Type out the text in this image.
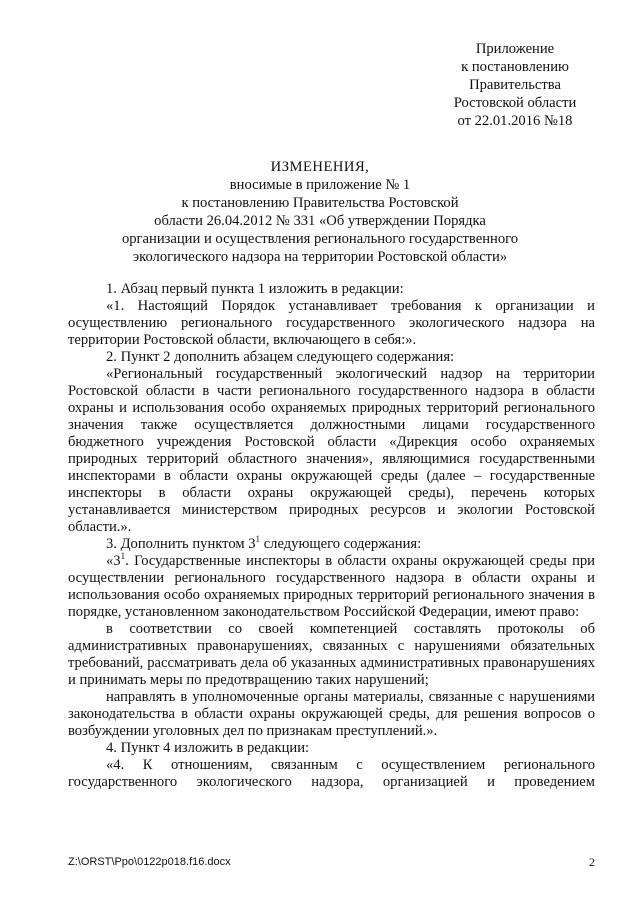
Приложение
к постановлению
Правительства
Ростовской области
от 22.01.2016 №18
ИЗМЕНЕНИЯ,
вносимые в приложение № 1
к постановлению Правительства Ростовской
области 26.04.2012 № 331 «Об утверждении Порядка
организации и осуществления регионального государственного
экологического надзора на территории Ростовской области»

1. Абзац первый пункта 1 изложить в редакции:

«1. Настоящий Порядок устанавливает требования к организации и осуществлению регионального государственного экологического надзора на территории Ростовской области, включающего в себя:».

2. Пункт 2 дополнить абзацем следующего содержания:

«Региональный государственный экологический надзор на территории Ростовской области в части регионального государственного надзора в области охраны и использования особо охраняемых природных территорий регионального значения также осуществляется должностными лицами государственного бюджетного учреждения Ростовской области «Дирекция особо охраняемых природных территорий областного значения», являющимися государственными инспекторами в области охраны окружающей среды (далее – государственные инспекторы в области охраны окружающей среды), перечень которых устанавливается министерством природных ресурсов и экологии Ростовской области.».

3. Дополнить пунктом $3^1$ следующего содержания:

«$3^1$. Государственные инспекторы в области охраны окружающей среды при осуществлении регионального государственного надзора в области охраны и использования особо охраняемых природных территорий регионального значения в порядке, установленном законодательством Российской Федерации, имеют право:

в соответствии со своей компетенцией составлять протоколы об административных правонарушениях, связанных с нарушениями обязательных требований, рассматривать дела об указанных административных правонарушениях и принимать меры по предотвращению таких нарушений;

направлять в уполномоченные органы материалы, связанные с нарушениями законодательства в области охраны окружающей среды, для решения вопросов о возбуждении уголовных дел по признакам преступлений.».

4. Пункт 4 изложить в редакции:

«4. К отношениям, связанным с осуществлением регионального государственного экологического надзора, организацией и проведением

Z:\ORST\Ppo\0122p018.f16.docx	2
